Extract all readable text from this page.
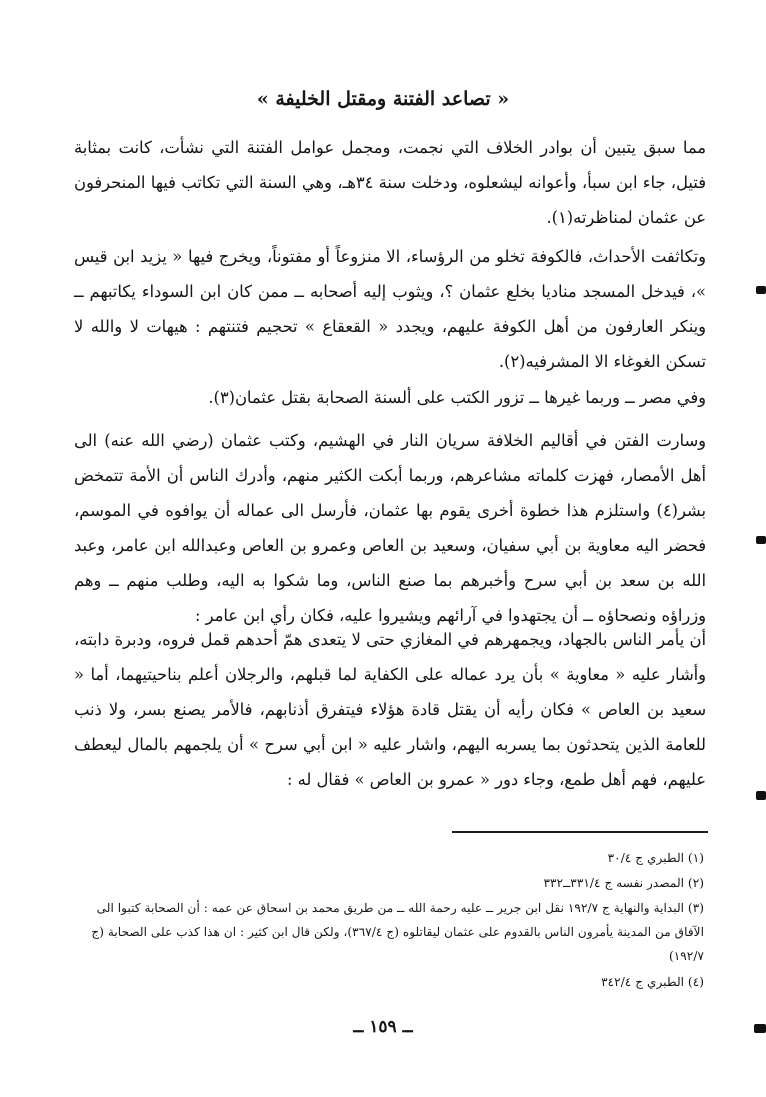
« تصاعد الفتنة ومقتل الخليفة »

مما سبق يتبين أن بوادر الخلاف التي نجمت، ومجمل عوامل الفتنة التي نشأت، كانت بمثابة فتيل، جاء ابن سبأ، وأعوانه ليشعلوه، ودخلت سنة ٣٤هـ، وهي السنة التي تكاتب فيها المنحرفون عن عثمان لمناظرته(١).

وتكاثفت الأحداث، فالكوفة تخلو من الرؤساء، الا منزوعاً أو مفتوناً، ويخرج فيها « يزيد ابن قيس »، فيدخل المسجد مناديا بخلع عثمان ؟، ويثوب إليه أصحابه ــ ممن كان ابن السوداء يكاتبهم ــ وينكر العارفون من أهل الكوفة عليهم، ويجدد « القعقاع » تحجيم فتنتهم : هيهات لا والله لا تسكن الغوغاء الا المشرفيه(٢).

وفي مصر ــ وربما غيرها ــ تزور الكتب على ألسنة الصحابة بقتل عثمان(٣).

وسارت الفتن في أقاليم الخلافة سريان النار في الهشيم، وكتب عثمان (رضي الله عنه) الى أهل الأمصار، فهزت كلماته مشاعرهم، وربما أبكت الكثير منهم، وأدرك الناس أن الأمة تتمخض بشر(٤) واستلزم هذا خطوة أخرى يقوم بها عثمان، فأرسل الى عماله أن يوافوه في الموسم، فحضر اليه معاوية بن أبي سفيان، وسعيد بن العاص وعمرو بن العاص وعبدالله ابن عامر، وعبد الله بن سعد بن أبي سرح وأخبرهم بما صنع الناس، وما شكوا به اليه، وطلب منهم ــ وهم وزراؤه ونصحاؤه ــ أن يجتهدوا في آرائهم ويشيروا عليه، فكان رأي ابن عامر :

أن يأمر الناس بالجهاد، ويجمهرهم في المغازي حتى لا يتعدى همّ أحدهم قمل فروه، ودبرة دابته، وأشار عليه « معاوية » بأن يرد عماله على الكفاية لما قبلهم، والرجلان أعلم بناحيتيهما، أما « سعيد بن العاص » فكان رأيه أن يقتل قادة هؤلاء فيتفرق أذنابهم، فالأمر يصنع بسر، ولا ذنب للعامة الذين يتحدثون بما يسربه اليهم، واشار عليه « ابن أبي سرح » أن يلجمهم بالمال ليعطف عليهم، فهم أهل طمع، وجاء دور « عمرو بن العاص » فقال له :

(١) الطبري ج ٣٠/٤

(٢) المصدر نفسه ج ٣٣١/٤ــ٣٣٢

(٣) البداية والنهاية ج ١٩٢/٧ نقل ابن جرير ــ عليه رحمة الله ــ من طريق محمد بن اسحاق عن عمه : أن الصحابة كتبوا الى الآفاق من المدينة يأمرون الناس بالقدوم على عثمان ليقاتلوه (ج ٣٦٧/٤)، ولكن قال ابن كثير : ان هذا كذب على الصحابة (ج ١٩٢/٧)

(٤) الطبري ج ٣٤٢/٤

ــ ١٥٩ ــ
